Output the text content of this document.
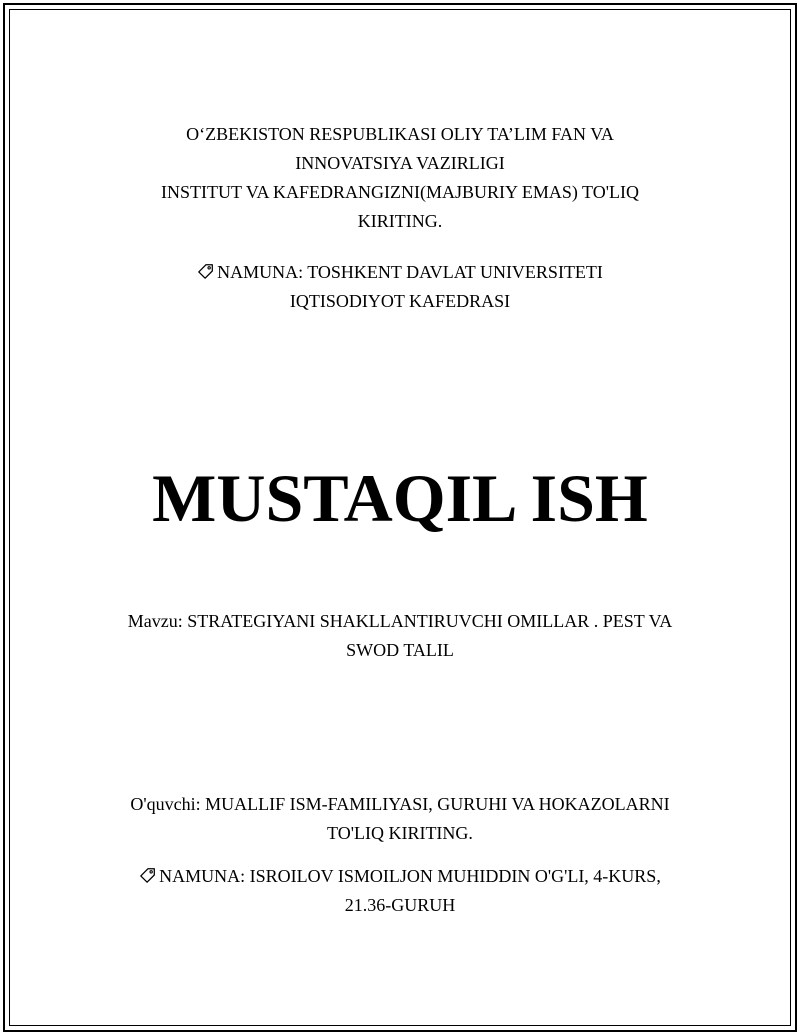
O‘ZBEKISTON RESPUBLIKASI OLIY TA’LIM FAN VA
INNOVATSIYA VAZIRLIGI
INSTITUT VA KAFEDRANGIZNI(MAJBURIY EMAS) TO'LIQ
KIRITING.
NAMUNA: TOSHKENT DAVLAT UNIVERSITETI
IQTISODIYOT KAFEDRASI
MUSTAQIL ISH
Mavzu: STRATEGIYANI SHAKLLANTIRUVCHI OMILLAR . PEST VA
SWOD TALIL
O'quvchi: MUALLIF ISM-FAMILIYASI, GURUHI VA HOKAZOLARNI
TO'LIQ KIRITING.
NAMUNA: ISROILOV ISMOILJON MUHIDDIN O'G'LI, 4-KURS,
21.36-GURUH
